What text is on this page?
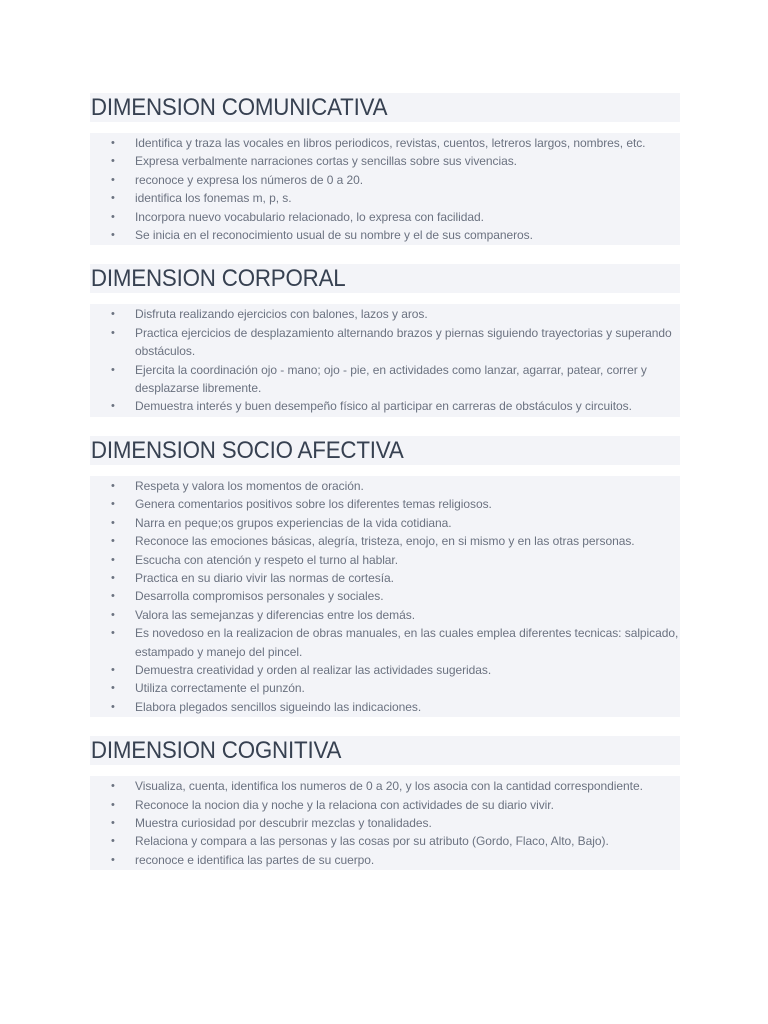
DIMENSION COMUNICATIVA
• Identifica y traza las vocales en libros periodicos, revistas, cuentos, letreros largos, nombres, etc.
• Expresa verbalmente narraciones cortas y sencillas sobre sus vivencias.
• reconoce y expresa los números de 0 a 20.
• identifica los fonemas m, p, s.
• Incorpora nuevo vocabulario relacionado, lo expresa con facilidad.
• Se inicia en el reconocimiento usual de su nombre y el de sus companeros.
DIMENSION CORPORAL
• Disfruta realizando ejercicios con balones, lazos y aros.
• Practica ejercicios de desplazamiento alternando brazos y piernas siguiendo trayectorias y superando obstáculos.
• Ejercita la coordinación ojo - mano; ojo - pie, en actividades como lanzar, agarrar, patear, correr y desplazarse libremente.
• Demuestra interés y buen desempeño físico al participar en carreras de obstáculos y circuitos.
DIMENSION SOCIO AFECTIVA
• Respeta y valora los momentos de oración.
• Genera comentarios positivos sobre los diferentes temas religiosos.
• Narra en peque;os grupos experiencias de la vida cotidiana.
• Reconoce las emociones básicas, alegría, tristeza, enojo, en si mismo y en las otras personas.
• Escucha con atención y respeto el turno al hablar.
• Practica en su diario vivir las normas de cortesía.
• Desarrolla compromisos personales y sociales.
• Valora las semejanzas y diferencias entre los demás.
• Es novedoso en la realizacion de obras manuales, en las cuales emplea diferentes tecnicas: salpicado, estampado y manejo del pincel.
• Demuestra creatividad y orden al realizar las actividades sugeridas.
• Utiliza correctamente el punzón.
• Elabora plegados sencillos sigueindo las indicaciones.
DIMENSION COGNITIVA
• Visualiza, cuenta, identifica los numeros de 0 a 20, y los asocia con la cantidad correspondiente.
• Reconoce la nocion dia y noche y la relaciona con actividades de su diario vivir.
• Muestra curiosidad por descubrir mezclas y tonalidades.
• Relaciona y compara a las personas y las cosas por su atributo (Gordo, Flaco, Alto, Bajo).
• reconoce e identifica las partes de su cuerpo.
